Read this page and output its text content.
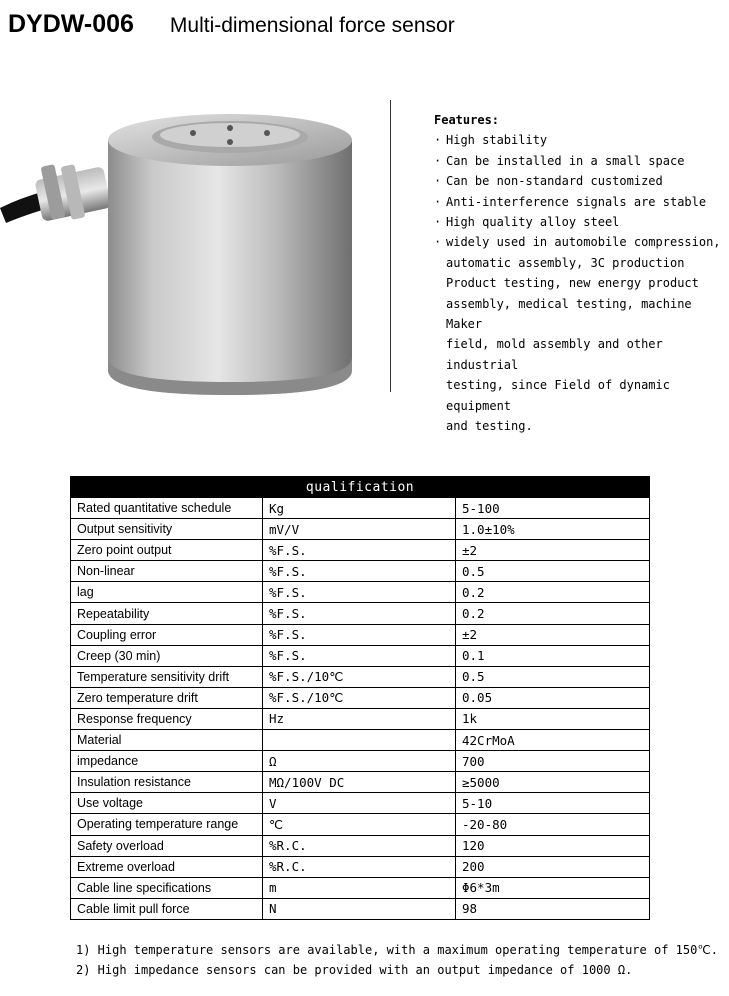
DYDW-006 Multi-dimensional force sensor
Features:
· High stability
· Can be installed in a small space
· Can be non-standard customized
· Anti-interference signals are stable
· High quality alloy steel
· widely used in automobile compression,
automatic assembly, 3C production
Product testing, new energy product
assembly, medical testing, machine Maker
field, mold assembly and other industrial
testing, since Field of dynamic equipment
and testing.
qualification		
Rated quantitative schedule	Kg	5-100
Output sensitivity	mV/V	1.0±10%
Zero point output	%F.S.	±2
Non-linear	%F.S.	0.5
lag	%F.S.	0.2
Repeatability	%F.S.	0.2
Coupling error	%F.S.	±2
Creep (30 min)	%F.S.	0.1
Temperature sensitivity drift	%F.S./10℃	0.5
Zero temperature drift	%F.S./10℃	0.05
Response frequency	Hz	1k
Material		42CrMoA
impedance	Ω	700
Insulation resistance	MΩ/100V DC	≥5000
Use voltage	V	5-10
Operating temperature range	℃	-20-80
Safety overload	%R.C.	120
Extreme overload	%R.C.	200
Cable line specifications	m	Φ6*3m
Cable limit pull force	N	98
1) High temperature sensors are available, with a maximum operating temperature of 150℃.
2) High impedance sensors can be provided with an output impedance of 1000 Ω.
